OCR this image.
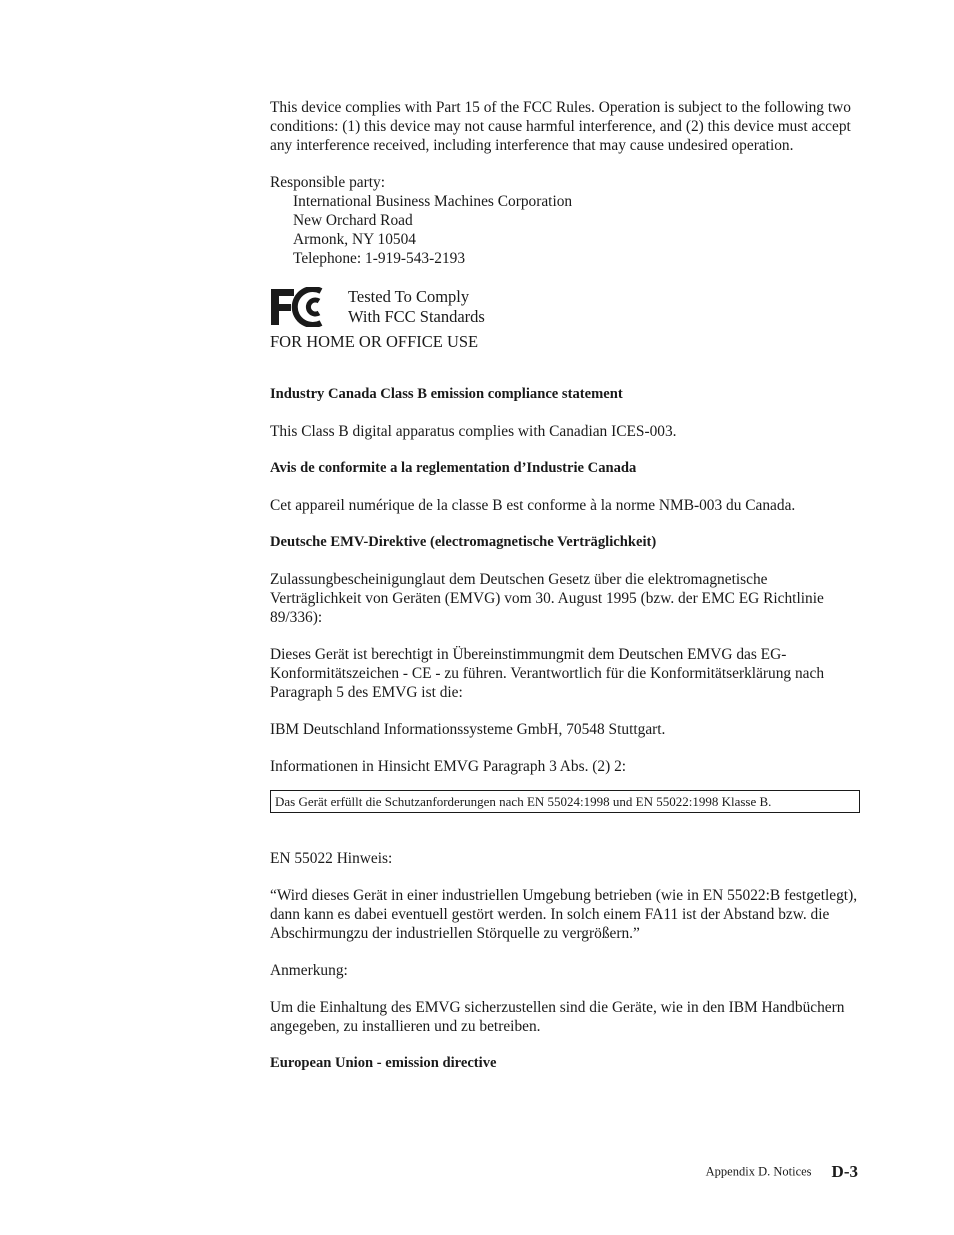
This device complies with Part 15 of the FCC Rules. Operation is subject to the following two conditions: (1) this device may not cause harmful interference, and (2) this device must accept any interference received, including interference that may cause undesired operation.

Responsible party:

International Business Machines Corporation

New Orchard Road

Armonk, NY 10504

Telephone: 1-919-543-2193

Tested To Comply
With FCC Standards
FOR HOME OR OFFICE USE

Industry Canada Class B emission compliance statement

This Class B digital apparatus complies with Canadian ICES-003.

Avis de conformite a la reglementation d’Industrie Canada

Cet appareil numérique de la classe B est conforme à la norme NMB-003 du Canada.

Deutsche EMV-Direktive (electromagnetische Verträglichkeit)

Zulassungbescheinigunglaut dem Deutschen Gesetz über die elektromagnetische Verträglichkeit von Geräten (EMVG) vom 30. August 1995 (bzw. der EMC EG Richtlinie 89/336):

Dieses Gerät ist berechtigt in Übereinstimmungmit dem Deutschen EMVG das EG-Konformitätszeichen - CE - zu führen. Verantwortlich für die Konformitätserklärung nach Paragraph 5 des EMVG ist die:

IBM Deutschland Informationssysteme GmbH, 70548 Stuttgart.

Informationen in Hinsicht EMVG Paragraph 3 Abs. (2) 2:

Das Gerät erfüllt die Schutzanforderungen nach EN 55024:1998 und EN 55022:1998 Klasse B.

EN 55022 Hinweis:

“Wird dieses Gerät in einer industriellen Umgebung betrieben (wie in EN 55022:B festgetlegt), dann kann es dabei eventuell gestört werden. In solch einem FA11 ist der Abstand bzw. die Abschirmungzu der industriellen Störquelle zu vergrößern.”

Anmerkung:

Um die Einhaltung des EMVG sicherzustellen sind die Geräte, wie in den IBM Handbüchern angegeben, zu installieren und zu betreiben.

European Union - emission directive

Appendix D. Notices D-3
